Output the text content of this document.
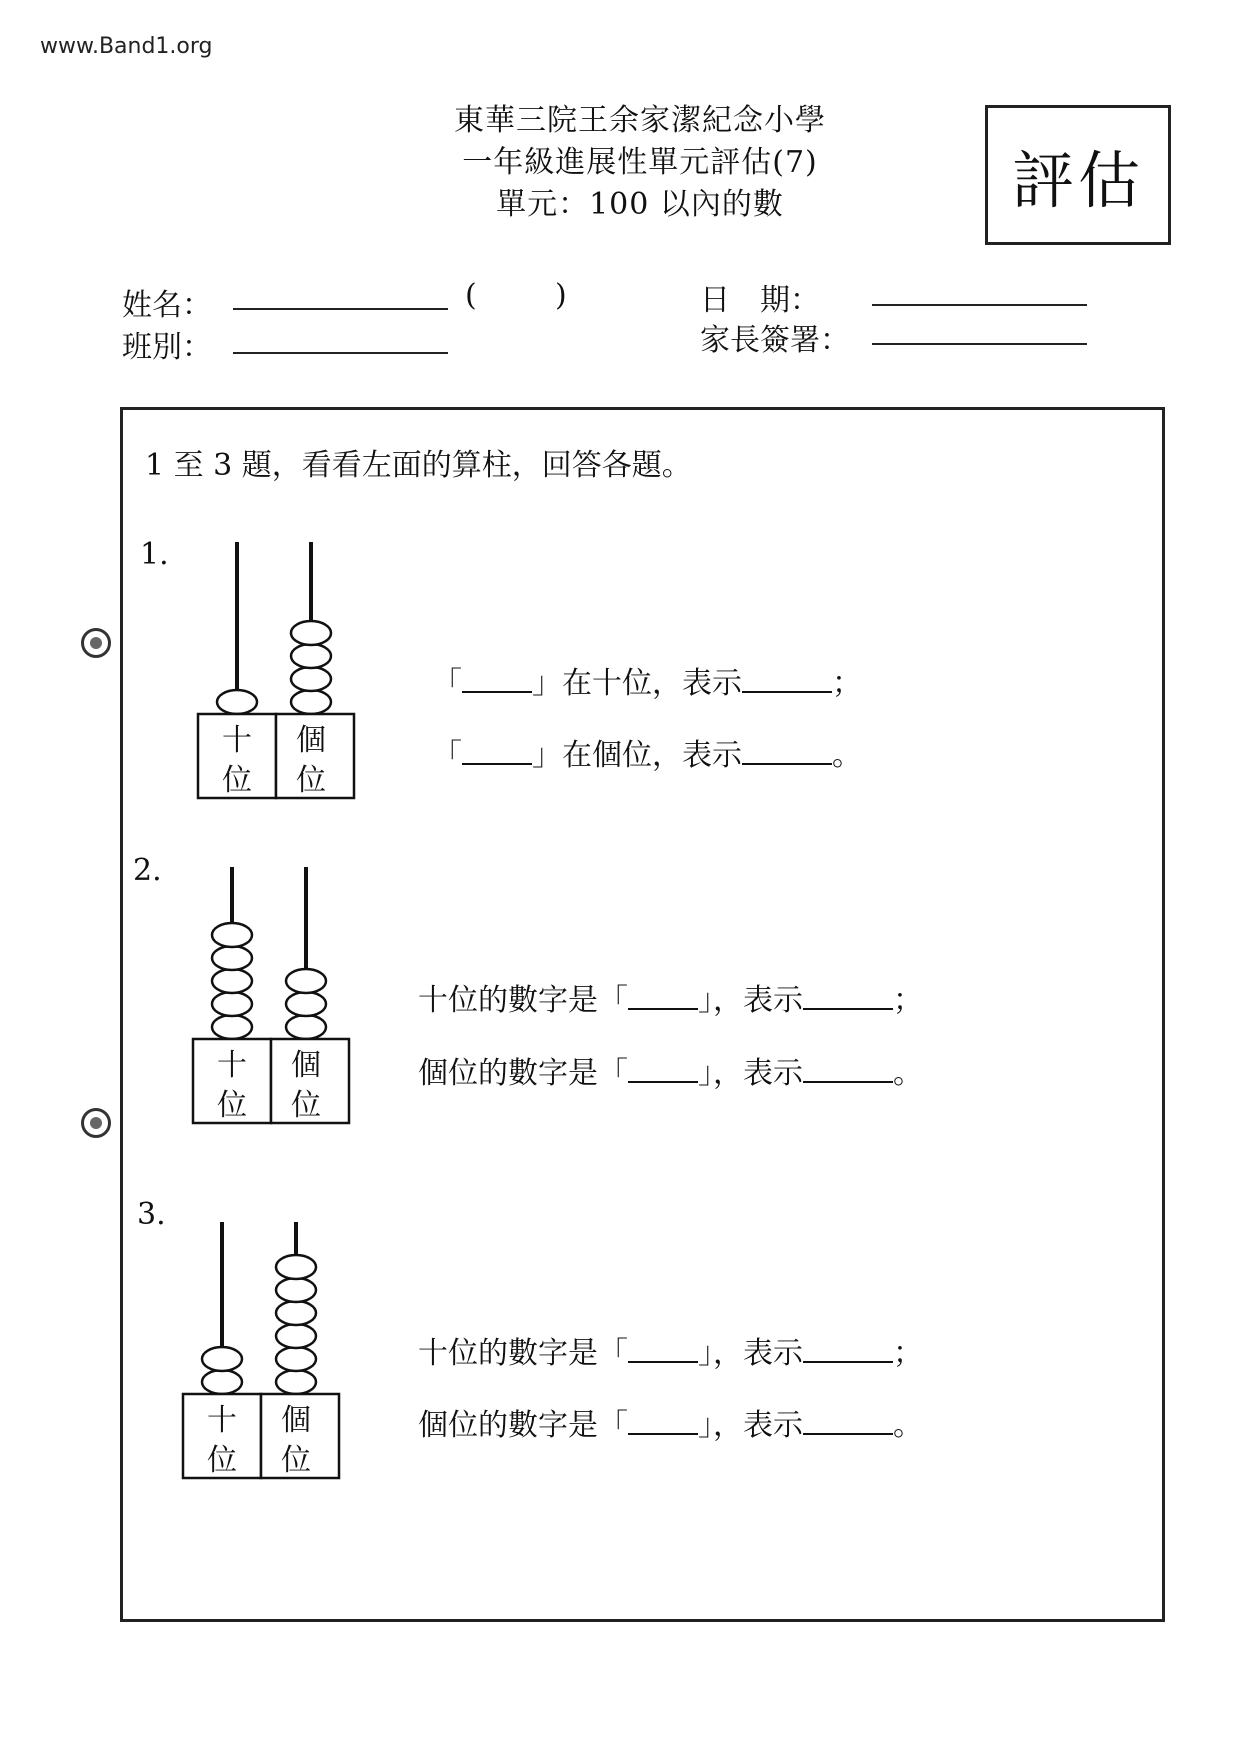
www.Band1.org
東華三院王余家潔紀念小學
一年級進展性單元評估(7)
單元：100 以內的數	評估
姓名：	(	)
班別：
日　期：
家長簽署：
1 至 3 題，看看左面的算柱，回答各題。
1.
十
位
個
位
「 」在十位，表示	；
「 」在個位，表示	。
2.
十
位
個
位
十位的數字是「 」，表示	；
個位的數字是「 」，表示	。
3.
十
位
個
位
十位的數字是「 」，表示	；
個位的數字是「 」，表示	。
